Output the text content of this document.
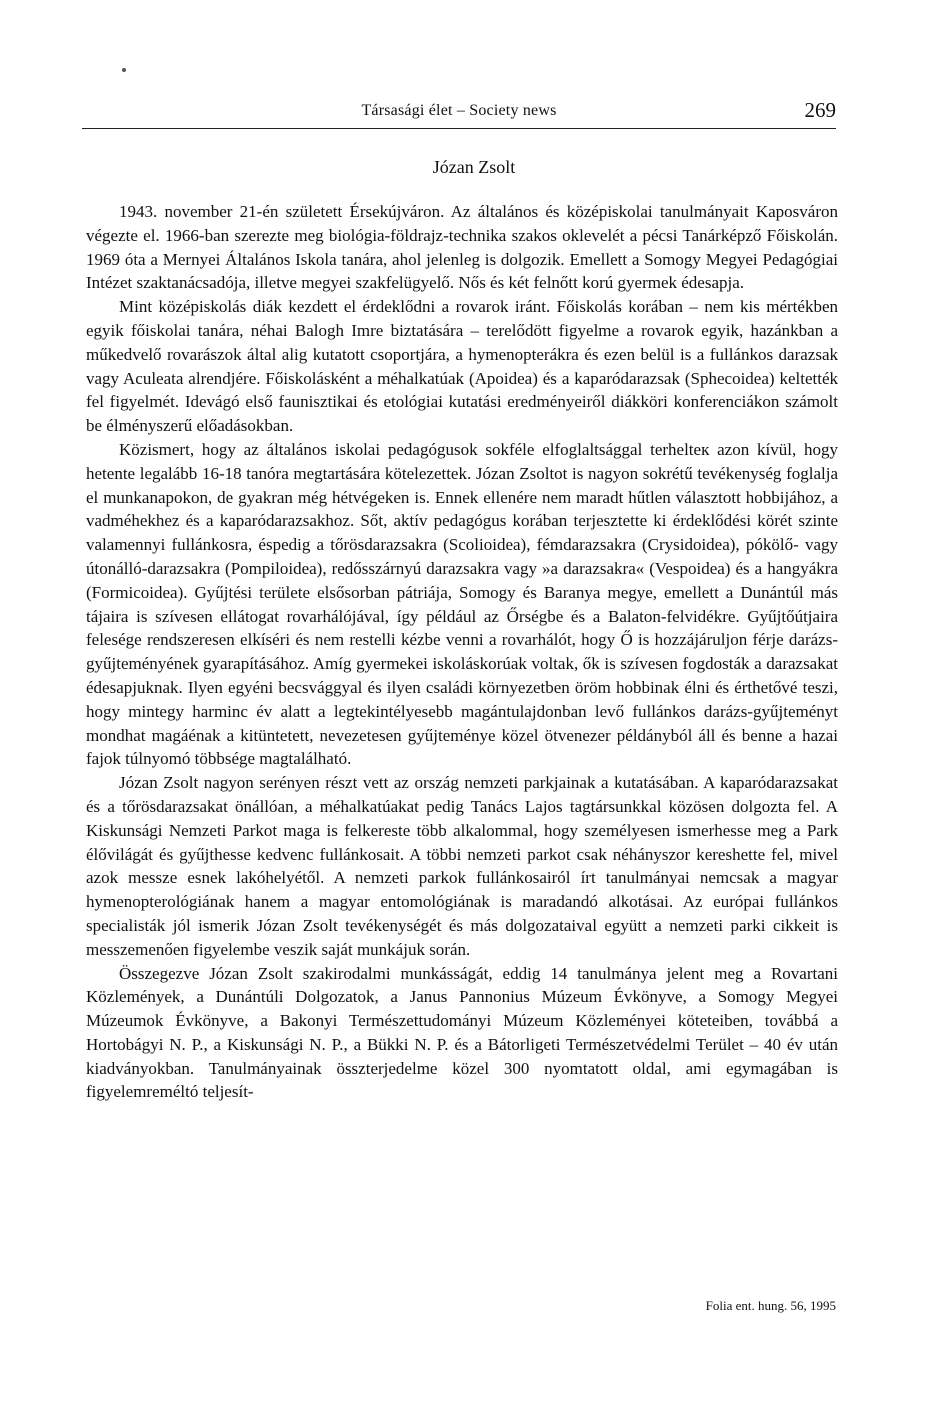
Társasági élet – Society news	269
Józan Zsolt

1943. november 21-én született Érsekújváron. Az általános és középiskolai tanulmányait Kaposváron végezte el. 1966-ban szerezte meg biológia-földrajz-technika szakos oklevelét a pécsi Tanárképző Főiskolán. 1969 óta a Mernyei Általános Iskola tanára, ahol jelenleg is dolgozik. Emellett a Somogy Megyei Pedagógiai Intézet szaktanácsadója, illetve megyei szakfelügyelő. Nős és két felnőtt korú gyermek édesapja.

Mint középiskolás diák kezdett el érdeklődni a rovarok iránt. Főiskolás korában – nem kis mértékben egyik főiskolai tanára, néhai Balogh Imre biztatására – terelődött figyelme a rovarok egyik, hazánkban a műkedvelő rovarászok által alig kutatott csoportjára, a hymenopterákra és ezen belül is a fullánkos darazsak vagy Aculeata alrendjére. Főiskolásként a méhalkatúak (Apoidea) és a kaparódarazsak (Sphecoidea) keltették fel figyelmét. Idevágó első faunisztikai és etológiai kutatási eredményeiről diákköri konferenciákon számolt be élményszerű előadásokban.

Közismert, hogy az általános iskolai pedagógusok sokféle elfoglaltsággal terhelteк azon kívül, hogy hetente legalább 16-18 tanóra megtartására kötelezettek. Józan Zsoltot is nagyon sokrétű tevékenység foglalja el munkanapokon, de gyakran még hétvégeken is. Ennek ellenére nem maradt hűtlen választott hobbijához, a vadméhekhez és a kaparódarazsakhoz. Sőt, aktív pedagógus korában terjesztette ki érdeklődési körét szinte valamennyi fullánkosra, éspedig a tőrösdarazsakra (Scolioidea), fémdarazsakra (Crysidoidea), pókölő- vagy útonálló-darazsakra (Pompiloidea), redősszárnyú darazsakra vagy »a darazsakra« (Vespoidea) és a hangyákra (Formicoidea). Gyűjtési területe elsősorban pátriája, Somogy és Baranya megye, emellett a Dunántúl más tájaira is szívesen ellátogat rovarhálójával, így például az Őrségbe és a Balaton-felvidékre. Gyűjtőútjaira felesége rendszeresen elkíséri és nem restelli kézbe venni a rovarhálót, hogy Ő is hozzájáruljon férje darázs-gyűjteményének gyarapításához. Amíg gyermekei iskoláskorúak voltak, ők is szívesen fogdosták a darazsakat édesapjuknak. Ilyen egyéni becsvággyal és ilyen családi környezetben öröm hobbinak élni és érthetővé teszi, hogy mintegy harminc év alatt a legtekintélyesebb magántulajdonban levő fullánkos darázs-gyűjteményt mondhat magáénak a kitüntetett, nevezetesen gyűjteménye közel ötvenezer példányból áll és benne a hazai fajok túlnyomó többsége magtalálható.

Józan Zsolt nagyon serényen részt vett az ország nemzeti parkjainak a kutatásában. A kaparódarazsakat és a tőrösdarazsakat önállóan, a méhalkatúakat pedig Tanács Lajos tagtársunkkal közösen dolgozta fel. A Kiskunsági Nemzeti Parkot maga is felkereste több alkalommal, hogy személyesen ismerhesse meg a Park élővilágát és gyűjthesse kedvenc fullánkosait. A többi nemzeti parkot csak néhányszor kereshette fel, mivel azok messze esnek lakóhelyétől. A nemzeti parkok fullánkosairól írt tanulmányai nemcsak a magyar hymenopterológiának hanem a magyar entomológiának is maradandó alkotásai. Az európai fullánkos specialisták jól ismerik Józan Zsolt tevékenységét és más dolgozataival együtt a nemzeti parki cikkeit is messzemenően figyelembe veszik saját munkájuk során.

Összegezve Józan Zsolt szakirodalmi munkásságát, eddig 14 tanulmánya jelent meg a Rovartani Közlemények, a Dunántúli Dolgozatok, a Janus Pannonius Múzeum Évkönyve, a Somogy Megyei Múzeumok Évkönyve, a Bakonyi Természettudományi Múzeum Közleményei köteteiben, továbbá a Hortobágyi N. P., a Kiskunsági N. P., a Bükki N. P. és a Bátorligeti Természetvédelmi Terület – 40 év után kiadványokban. Tanulmányainak összterjedelme közel 300 nyomtatott oldal, ami egymagában is figyelemreméltó teljesít-

Folia ent. hung. 56, 1995
